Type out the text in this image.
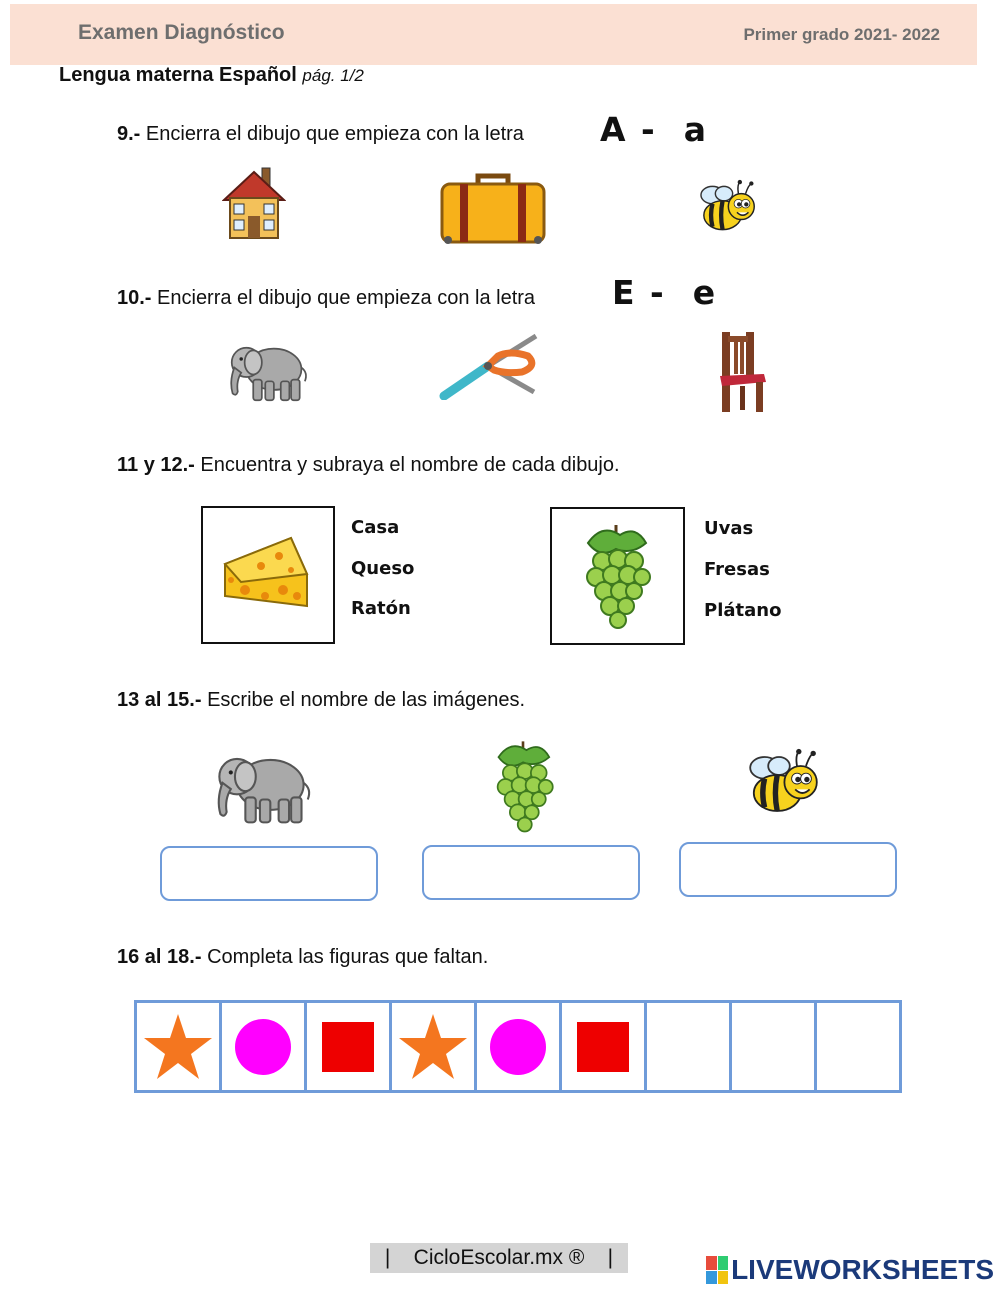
Examen Diagnóstico	Primer grado 2021- 2022
Lengua materna Español pág. 1/2
9.- Encierra el dibujo que empieza con la letra A -  a
10.- Encierra el dibujo que empieza con la letra E -  e
11 y 12.- Encuentra y subraya el nombre de cada dibujo.
Casa
Queso
Ratón
Uvas
Fresas
Plátano
13 al 15.- Escribe el nombre de las imágenes.
16 al 18.- Completa las figuras que faltan.
|    CicloEscolar.mx ®    |	LIVEWORKSHEETS
